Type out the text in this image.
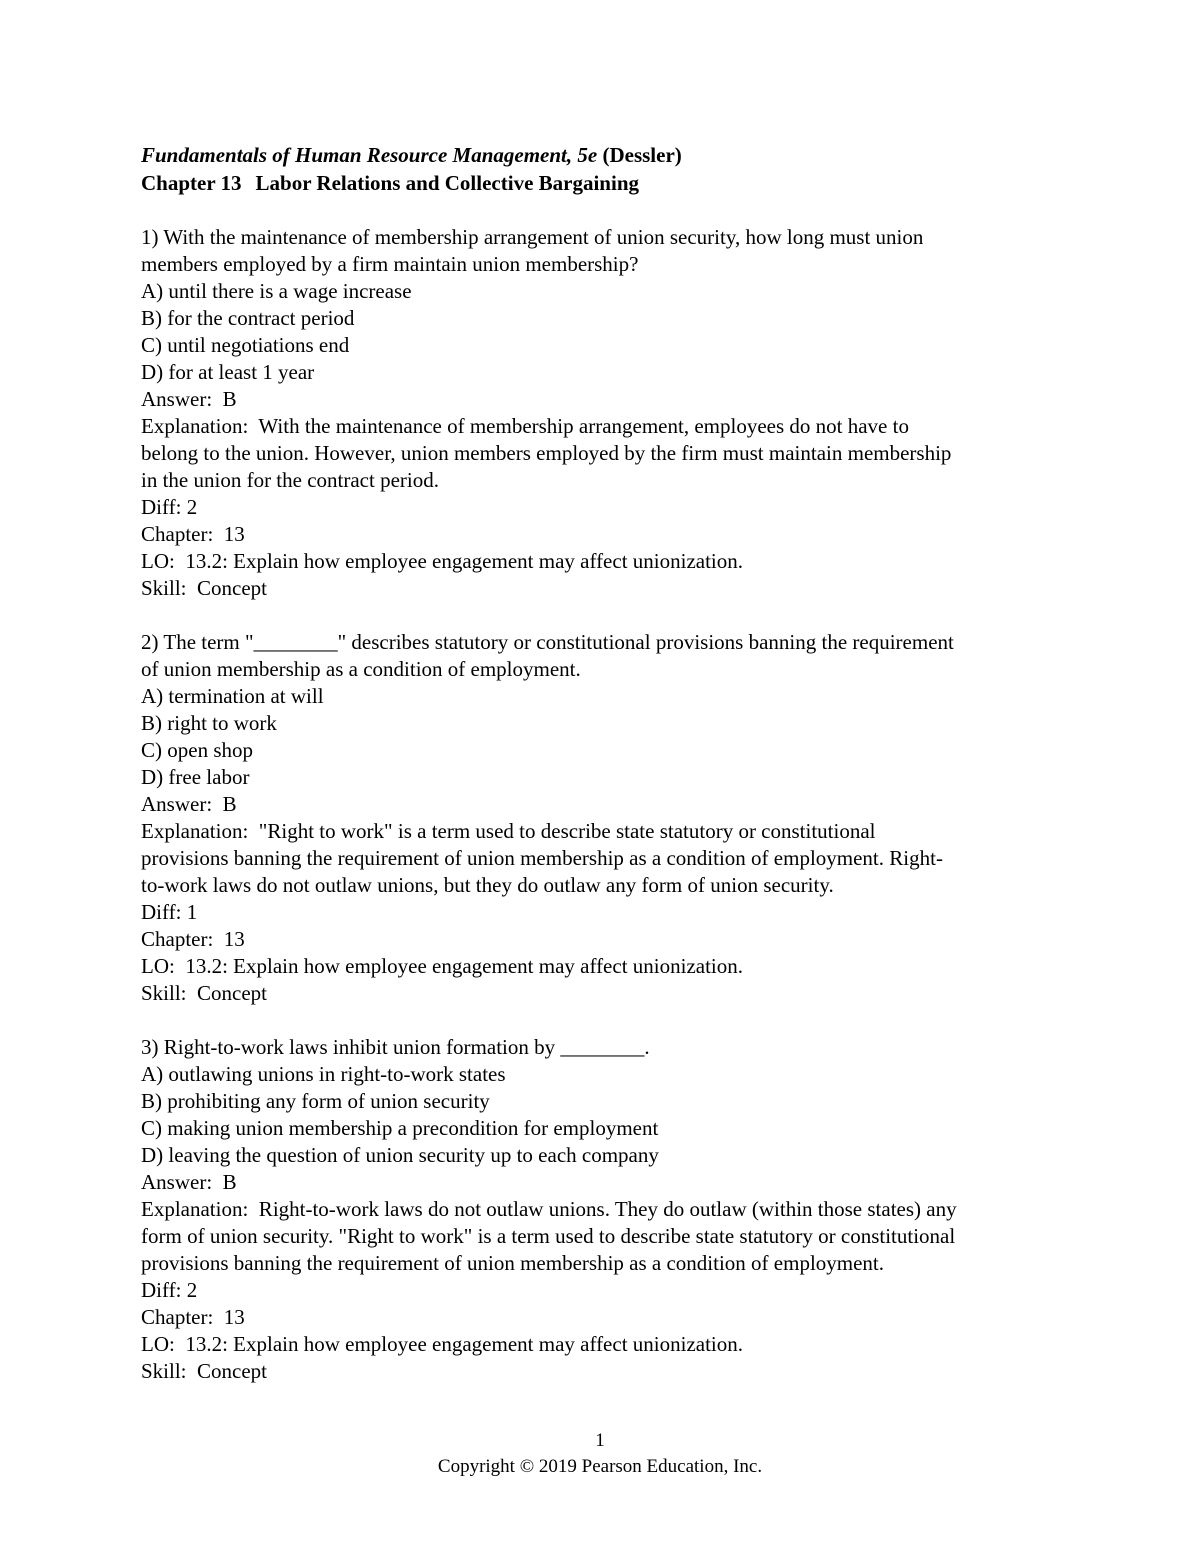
Fundamentals of Human Resource Management, 5e (Dessler)

Chapter 13 Labor Relations and Collective Bargaining

1) With the maintenance of membership arrangement of union security, how long must union

members employed by a firm maintain union membership?

A) until there is a wage increase

B) for the contract period

C) until negotiations end

D) for at least 1 year

Answer:  B

Explanation:  With the maintenance of membership arrangement, employees do not have to

belong to the union. However, union members employed by the firm must maintain membership

in the union for the contract period.

Diff: 2

Chapter:  13

LO:  13.2: Explain how employee engagement may affect unionization.

Skill:  Concept

2) The term "________" describes statutory or constitutional provisions banning the requirement

of union membership as a condition of employment.

A) termination at will

B) right to work

C) open shop

D) free labor

Answer:  B

Explanation:  "Right to work" is a term used to describe state statutory or constitutional

provisions banning the requirement of union membership as a condition of employment. Right-

to-work laws do not outlaw unions, but they do outlaw any form of union security.

Diff: 1

Chapter:  13

LO:  13.2: Explain how employee engagement may affect unionization.

Skill:  Concept

3) Right-to-work laws inhibit union formation by ________.

A) outlawing unions in right-to-work states

B) prohibiting any form of union security

C) making union membership a precondition for employment

D) leaving the question of union security up to each company

Answer:  B

Explanation:  Right-to-work laws do not outlaw unions. They do outlaw (within those states) any

form of union security. "Right to work" is a term used to describe state statutory or constitutional

provisions banning the requirement of union membership as a condition of employment.

Diff: 2

Chapter:  13

LO:  13.2: Explain how employee engagement may affect unionization.

Skill:  Concept

1
Copyright © 2019 Pearson Education, Inc.
